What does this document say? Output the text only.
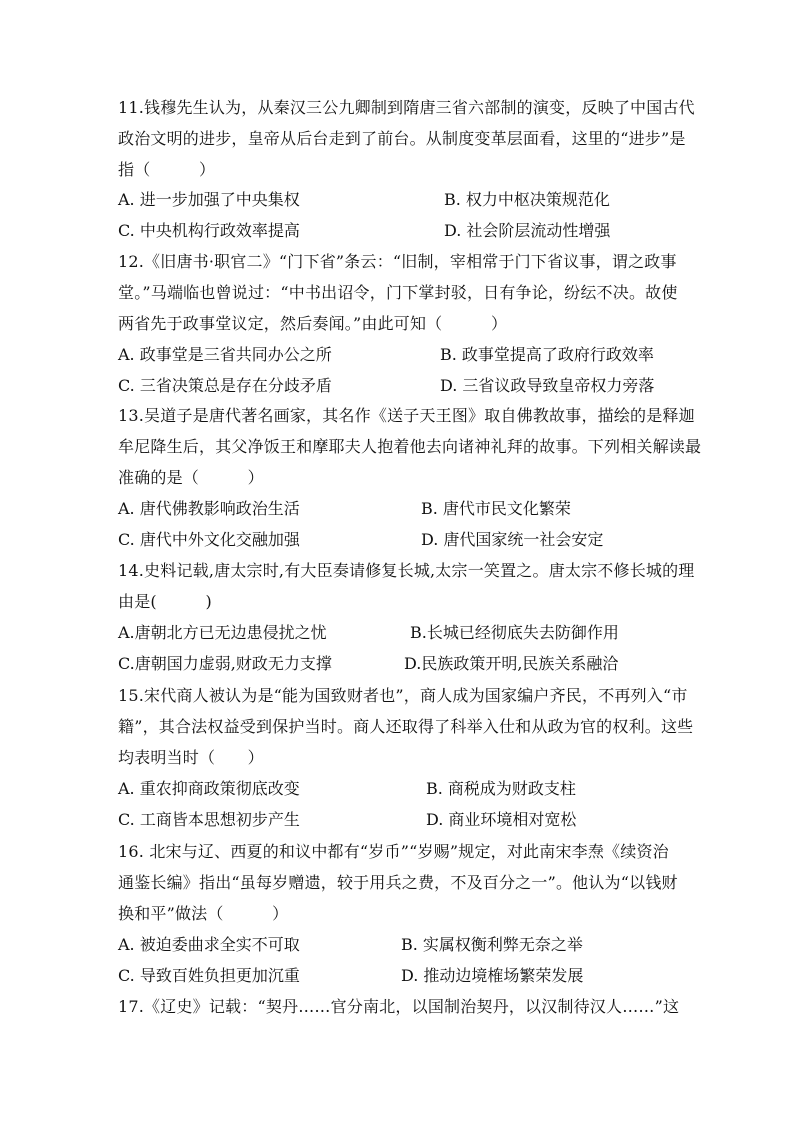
11.钱穆先生认为，从秦汉三公九卿制到隋唐三省六部制的演变，反映了中国古代
政治文明的进步，皇帝从后台走到了前台。从制度变革层面看，这里的“进步”是
指（　　　）
A. 进一步加强了中央集权	B. 权力中枢决策规范化
C. 中央机构行政效率提高	D. 社会阶层流动性增强
12.《旧唐书·职官二》“门下省”条云：“旧制，宰相常于门下省议事，谓之政事
堂。”马端临也曾说过：“中书出诏令，门下掌封驳，日有争论，纷纭不决。故使
两省先于政事堂议定，然后奏闻。”由此可知（　　　）
A. 政事堂是三省共同办公之所	B. 政事堂提高了政府行政效率
C. 三省决策总是存在分歧矛盾	D. 三省议政导致皇帝权力旁落
13.吴道子是唐代著名画家，其名作《送子天王图》取自佛教故事，描绘的是释迦
牟尼降生后，其父净饭王和摩耶夫人抱着他去向诸神礼拜的故事。下列相关解读最
准确的是（　　　）
A. 唐代佛教影响政治生活	B. 唐代市民文化繁荣
C. 唐代中外文化交融加强	D. 唐代国家统一社会安定
14.史料记载,唐太宗时,有大臣奏请修复长城,太宗一笑置之。唐太宗不修长城的理
由是(　　　)
A.唐朝北方已无边患侵扰之忧	B.长城已经彻底失去防御作用
C.唐朝国力虚弱,财政无力支撑	D.民族政策开明,民族关系融洽
15.宋代商人被认为是“能为国致财者也”，商人成为国家编户齐民，不再列入“市
籍”，其合法权益受到保护当时。商人还取得了科举入仕和从政为官的权利。这些
均表明当时（　　）
A. 重农抑商政策彻底改变	B. 商税成为财政支柱
C. 工商皆本思想初步产生	D. 商业环境相对宽松
16. 北宋与辽、西夏的和议中都有“岁币”“岁赐”规定，对此南宋李焘《续资治
通鉴长编》指出“虽每岁赠遗，较于用兵之费，不及百分之一”。他认为“以钱财
换和平”做法（　　　）
A. 被迫委曲求全实不可取	B. 实属权衡利弊无奈之举
C. 导致百姓负担更加沉重	D. 推动边境榷场繁荣发展
17.《辽史》记载：“契丹……官分南北，以国制治契丹，以汉制待汉人……”这
